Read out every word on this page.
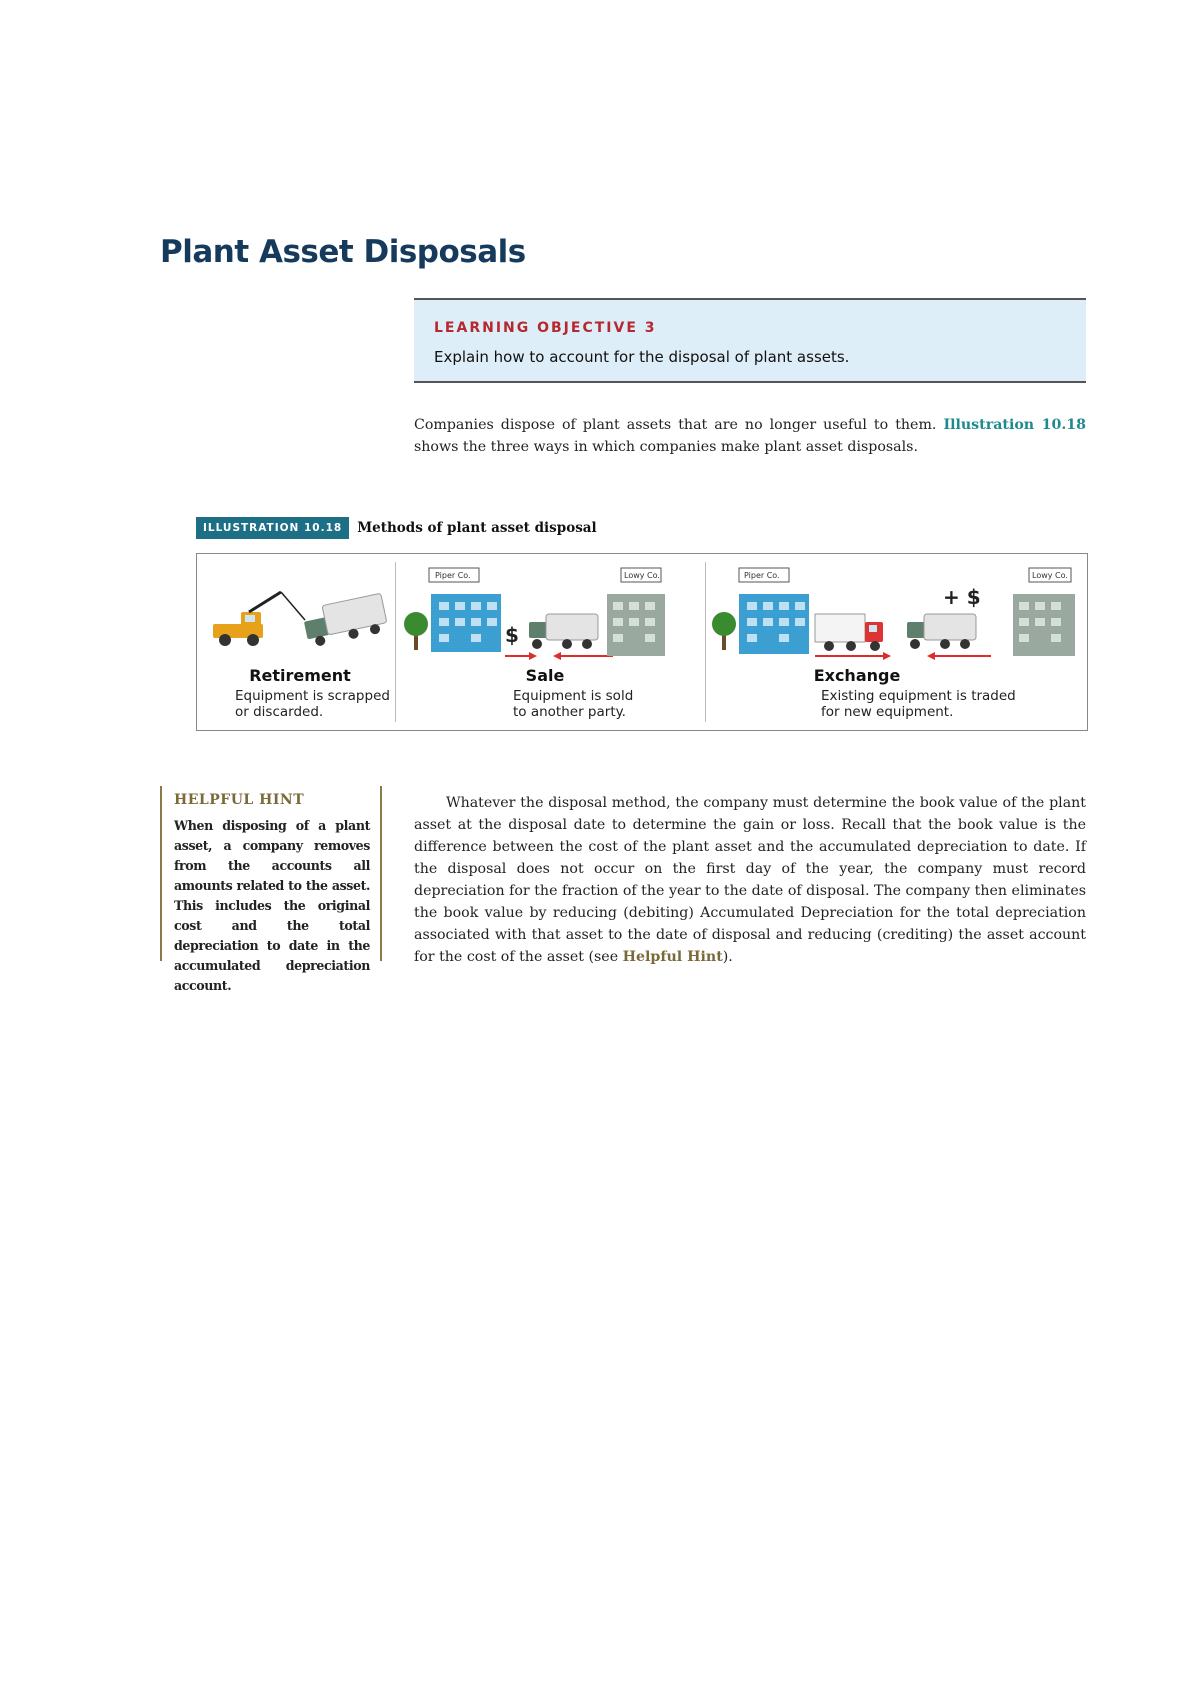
Plant Asset Disposals
LEARNING OBJECTIVE 3
Explain how to account for the disposal of plant assets.

Companies dispose of plant assets that are no longer useful to them. Illustration 10.18 shows the three ways in which companies make plant asset disposals.

ILLUSTRATION 10.18	Methods of plant asset disposal
Piper Co.
$
Lowy Co.	Piper Co.
+ $
Lowy Co.
Retirement
Equipment is scrapped
or discarded.
Sale
Equipment is sold
to another party.
Exchange
Existing equipment is traded
for new equipment.

HELPFUL HINT

When disposing of a plant asset, a company removes from the accounts all amounts related to the asset. This includes the original cost and the total depreciation to date in the accumulated depreciation account.

Whatever the disposal method, the company must determine the book value of the plant asset at the disposal date to determine the gain or loss. Recall that the book value is the difference between the cost of the plant asset and the accumulated depreciation to date. If the disposal does not occur on the first day of the year, the company must record depreciation for the fraction of the year to the date of disposal. The company then eliminates the book value by reducing (debiting) Accumulated Depreciation for the total depreciation associated with that asset to the date of disposal and reducing (crediting) the asset account for the cost of the asset (see Helpful Hint).
